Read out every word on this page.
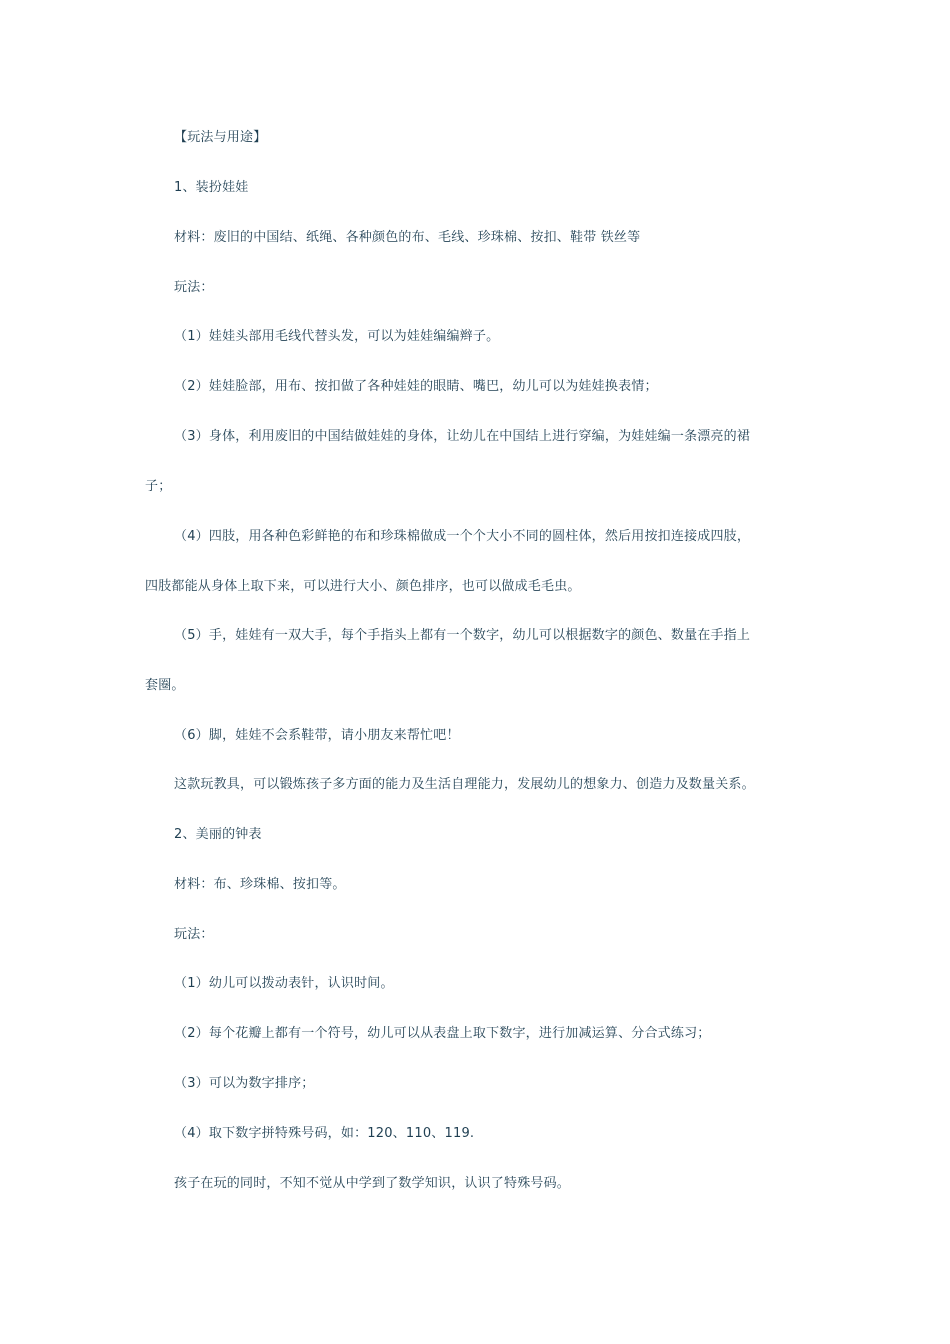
【玩法与用途】
1、装扮娃娃
材料：废旧的中国结、纸绳、各种颜色的布、毛线、珍珠棉、按扣、鞋带 铁丝等
玩法：
（1）娃娃头部用毛线代替头发，可以为娃娃编编辫子。
（2）娃娃脸部，用布、按扣做了各种娃娃的眼睛、嘴巴，幼儿可以为娃娃换表情；
（3）身体，利用废旧的中国结做娃娃的身体，让幼儿在中国结上进行穿编，为娃娃编一条漂亮的裙
子；
（4）四肢，用各种色彩鲜艳的布和珍珠棉做成一个个大小不同的圆柱体，然后用按扣连接成四肢，
四肢都能从身体上取下来，可以进行大小、颜色排序，也可以做成毛毛虫。
（5）手，娃娃有一双大手，每个手指头上都有一个数字，幼儿可以根据数字的颜色、数量在手指上
套圈。
（6）脚，娃娃不会系鞋带，请小朋友来帮忙吧！
这款玩教具，可以锻炼孩子多方面的能力及生活自理能力，发展幼儿的想象力、创造力及数量关系。
2、美丽的钟表
材料：布、珍珠棉、按扣等。
玩法：
（1）幼儿可以拨动表针，认识时间。
（2）每个花瓣上都有一个符号，幼儿可以从表盘上取下数字，进行加减运算、分合式练习；
（3）可以为数字排序；
（4）取下数字拼特殊号码，如：120、110、119.
孩子在玩的同时，不知不觉从中学到了数学知识，认识了特殊号码。
